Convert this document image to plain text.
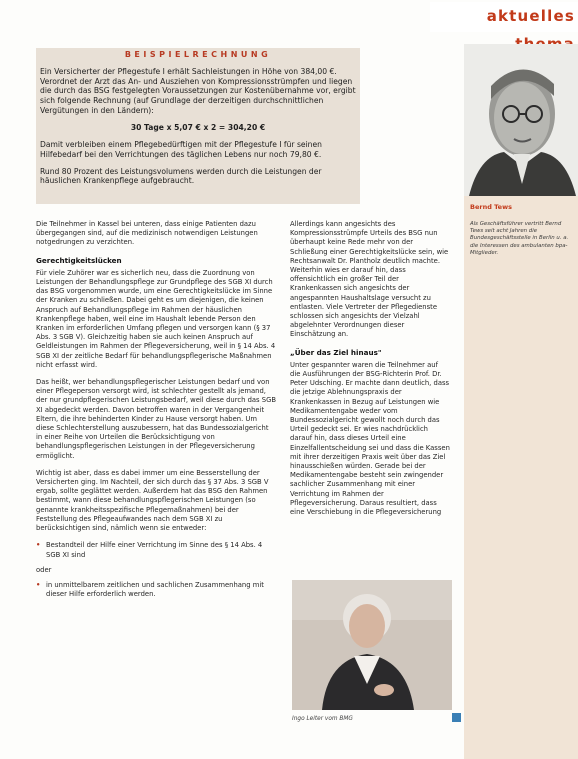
aktuelles
Bernd Tews
Als Geschäftsführer vertritt Bernd Tews seit acht Jahren die Bundesgeschäftsstelle in Berlin u. a. die Interessen des ambulanten bpa-Mitglieder.
BEISPIELRECHNUNG

Ein Versicherter der Pflegestufe I erhält Sachleistungen in Höhe von 384,00 €. Verordnet der Arzt das An- und Ausziehen von Kompressionsstrümpfen und liegen die durch das BSG festgelegten Voraussetzungen zur Kostenübernahme vor, ergibt sich folgende Rechnung (auf Grundlage der derzeitigen durchschnittlichen Vergütungen in den Ländern):

30 Tage x 5,07 € x 2 = 304,20 €

Damit verbleiben einem Pflegebedürftigen mit der Pflegestufe I für seinen Hilfebedarf bei den Verrichtungen des täglichen Lebens nur noch 79,80 €.

Rund 80 Prozent des Leistungsvolumens werden durch die Leistungen der häuslichen Krankenpflege aufgebraucht.

Die Teilnehmer in Kassel bei unteren, dass einige Patienten dazu übergegangen sind, auf die medizinisch notwendigen Leistungen notgedrungen zu verzichten.

Gerechtigkeitslücken

Für viele Zuhörer war es sicherlich neu, dass die Zuordnung von Leistungen der Behandlungspflege zur Grundpflege des SGB XI durch das BSG vorgenommen wurde, um eine Gerechtigkeitslücke im Sinne der Kranken zu schließen. Dabei geht es um diejenigen, die keinen Anspruch auf Behandlungspflege im Rahmen der häuslichen Krankenpflege haben, weil eine im Haushalt lebende Person den Kranken im erforderlichen Umfang pflegen und versorgen kann (§ 37 Abs. 3 SGB V). Gleichzeitig haben sie auch keinen Anspruch auf Geldleistungen im Rahmen der Pflegeversicherung, weil in § 14 Abs. 4 SGB XI der zeitliche Bedarf für behandlungspflegerische Maßnahmen nicht erfasst wird.

Das heißt, wer behandlungspflegerischer Leistungen bedarf und von einer Pflegeperson versorgt wird, ist schlechter gestellt als jemand, der nur grundpflegerischen Leistungsbedarf, weil diese durch das SGB XI abgedeckt werden. Davon betroffen waren in der Vergangenheit Eltern, die ihre behinderten Kinder zu Hause versorgt haben. Um diese Schlechterstellung auszubessern, hat das Bundessozialgericht in einer Reihe von Urteilen die Berücksichtigung von behandlungspflegerischen Leistungen in der Pflegeversicherung ermöglicht.

Wichtig ist aber, dass es dabei immer um eine Besserstellung der Versicherten ging. Im Nachteil, der sich durch das § 37 Abs. 3 SGB V ergab, sollte geglättet werden. Außerdem hat das BSG den Rahmen bestimmt, wann diese behandlungspflegerischen Leistungen (so genannte krankheitsspezifische Pflegemaßnahmen) bei der Feststellung des Pflegeaufwandes nach dem SGB XI zu berücksichtigen sind, nämlich wenn sie entweder:

• Bestandteil der Hilfe einer Verrichtung im Sinne des § 14 Abs. 4 SGB XI sind

oder

• in unmittelbarem zeitlichen und sachlichen Zusammenhang mit dieser Hilfe erforderlich werden.

Allerdings kann angesichts des Kompressionsstrümpfe Urteils des BSG nun überhaupt keine Rede mehr von der Schließung einer Gerechtigkeitslücke sein, wie Rechtsanwalt Dr. Plantholz deutlich machte. Weiterhin wies er darauf hin, dass offensichtlich ein großer Teil der Krankenkassen sich angesichts der angespannten Haushaltslage versucht zu entlasten. Viele Vertreter der Pflegedienste schlossen sich angesichts der Vielzahl abgelehnter Verordnungen dieser Einschätzung an.

„Über das Ziel hinaus"

Unter gespannter waren die Teilnehmer auf die Ausführungen der BSG-Richterin Prof. Dr. Peter Udsching. Er machte dann deutlich, dass die jetzige Ablehnungspraxis der Krankenkassen in Bezug auf Leistungen wie Medikamentengabe weder vom Bundessozialgericht gewollt noch durch das Urteil gedeckt sei. Er wies nachdrücklich darauf hin, dass dieses Urteil eine Einzelfallentscheidung sei und dass die Kassen mit ihrer derzeitigen Praxis weit über das Ziel hinausschießen würden. Gerade bei der Medikamentengabe besteht sein zwingender sachlicher Zusammenhang mit einer Verrichtung im Rahmen der Pflegeversicherung. Daraus resultiert, dass eine Verschiebung in die Pflegeversicherung

Ingo Leiter vom BMG
